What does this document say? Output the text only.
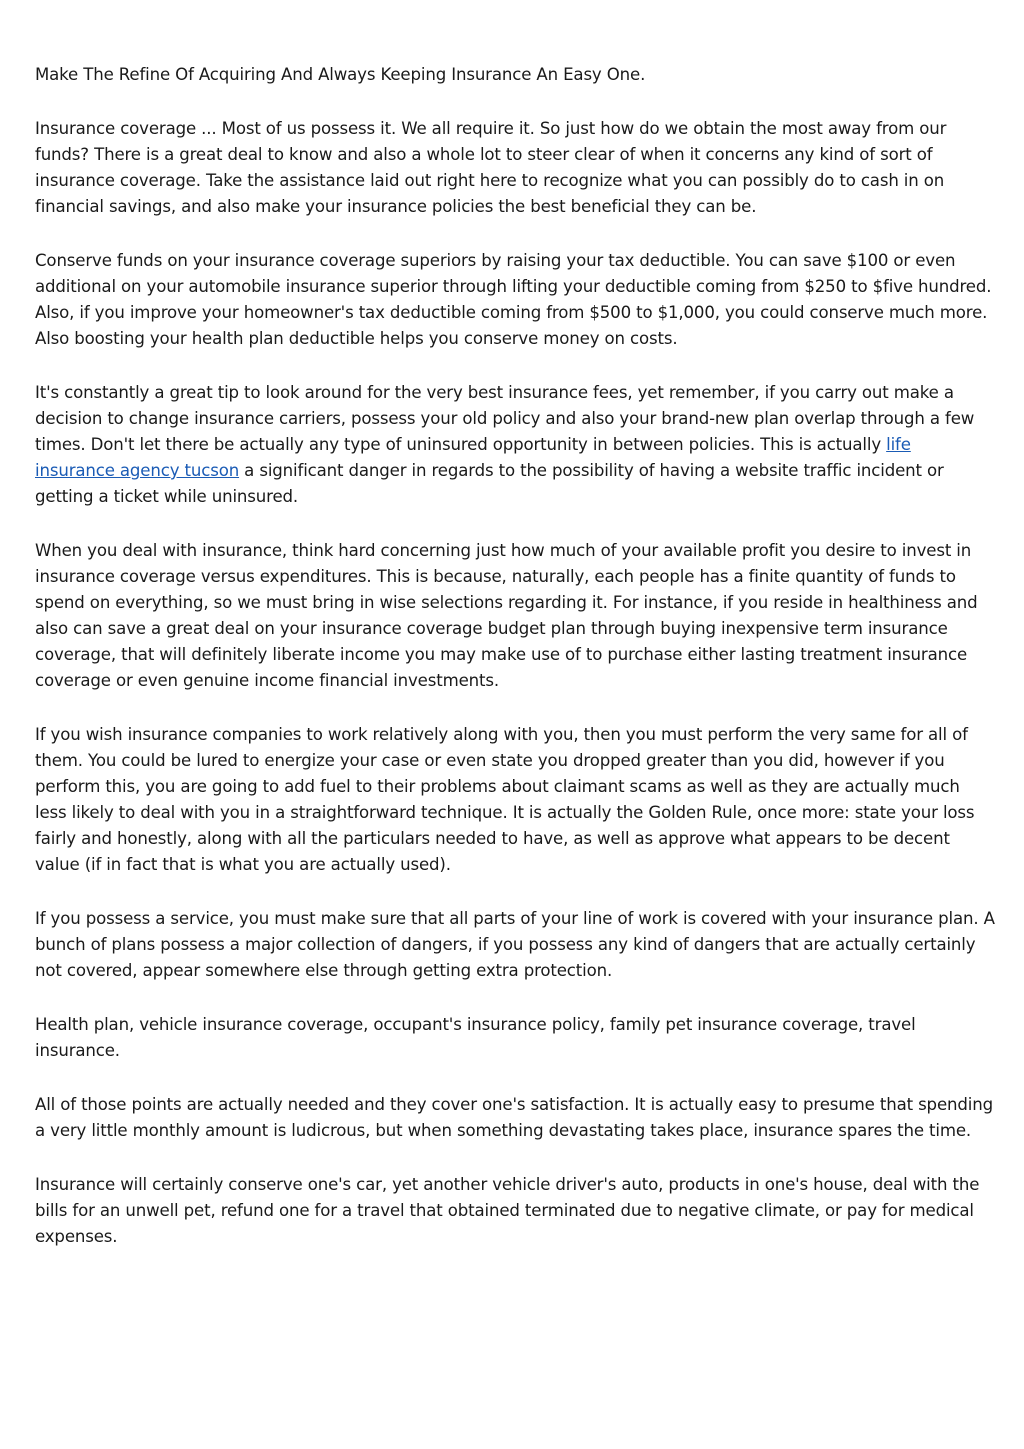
Make The Refine Of Acquiring And Always Keeping Insurance An Easy One.

Insurance coverage ... Most of us possess it. We all require it. So just how do we obtain the most away from our funds? There is a great deal to know and also a whole lot to steer clear of when it concerns any kind of sort of insurance coverage. Take the assistance laid out right here to recognize what you can possibly do to cash in on financial savings, and also make your insurance policies the best beneficial they can be.

Conserve funds on your insurance coverage superiors by raising your tax deductible. You can save $100 or even additional on your automobile insurance superior through lifting your deductible coming from $250 to $five hundred. Also, if you improve your homeowner's tax deductible coming from $500 to $1,000, you could conserve much more. Also boosting your health plan deductible helps you conserve money on costs.

It's constantly a great tip to look around for the very best insurance fees, yet remember, if you carry out make a decision to change insurance carriers, possess your old policy and also your brand-new plan overlap through a few times. Don't let there be actually any type of uninsured opportunity in between policies. This is actually life insurance agency tucson a significant danger in regards to the possibility of having a website traffic incident or getting a ticket while uninsured.

When you deal with insurance, think hard concerning just how much of your available profit you desire to invest in insurance coverage versus expenditures. This is because, naturally, each people has a finite quantity of funds to spend on everything, so we must bring in wise selections regarding it. For instance, if you reside in healthiness and also can save a great deal on your insurance coverage budget plan through buying inexpensive term insurance coverage, that will definitely liberate income you may make use of to purchase either lasting treatment insurance coverage or even genuine income financial investments.

If you wish insurance companies to work relatively along with you, then you must perform the very same for all of them. You could be lured to energize your case or even state you dropped greater than you did, however if you perform this, you are going to add fuel to their problems about claimant scams as well as they are actually much less likely to deal with you in a straightforward technique. It is actually the Golden Rule, once more: state your loss fairly and honestly, along with all the particulars needed to have, as well as approve what appears to be decent value (if in fact that is what you are actually used).

If you possess a service, you must make sure that all parts of your line of work is covered with your insurance plan. A bunch of plans possess a major collection of dangers, if you possess any kind of dangers that are actually certainly not covered, appear somewhere else through getting extra protection.

Health plan, vehicle insurance coverage, occupant's insurance policy, family pet insurance coverage, travel insurance.

All of those points are actually needed and they cover one's satisfaction. It is actually easy to presume that spending a very little monthly amount is ludicrous, but when something devastating takes place, insurance spares the time.

Insurance will certainly conserve one's car, yet another vehicle driver's auto, products in one's house, deal with the bills for an unwell pet, refund one for a travel that obtained terminated due to negative climate, or pay for medical expenses.
